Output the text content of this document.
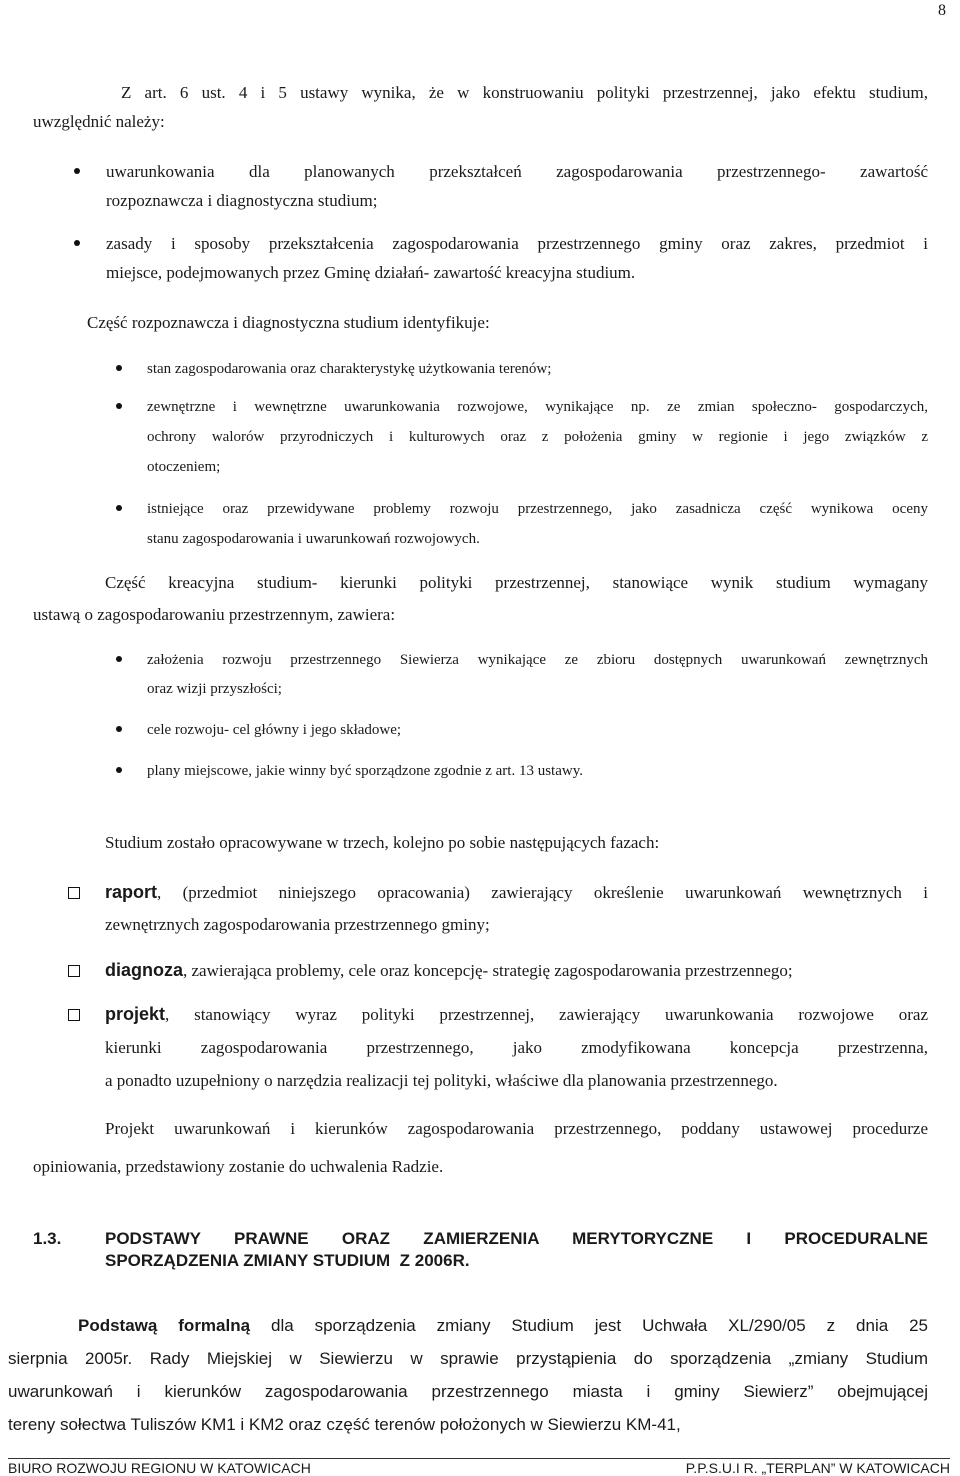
8
Z art. 6 ust. 4 i 5 ustawy wynika, że w konstruowaniu polityki przestrzennej, jako efektu studium,
uwzględnić należy:
uwarunkowania dla planowanych przekształceń zagospodarowania przestrzennego- zawartość
rozpoznawcza i diagnostyczna studium;
zasady i sposoby przekształcenia zagospodarowania przestrzennego gminy oraz zakres, przedmiot i
miejsce, podejmowanych przez Gminę działań- zawartość kreacyjna studium.
Część rozpoznawcza i diagnostyczna studium identyfikuje:
stan zagospodarowania oraz charakterystykę użytkowania terenów;
zewnętrzne i wewnętrzne uwarunkowania rozwojowe, wynikające np. ze zmian społeczno- gospodarczych,
ochrony walorów przyrodniczych i kulturowych oraz z położenia gminy w regionie i jego związków z
otoczeniem;
istniejące oraz przewidywane problemy rozwoju przestrzennego, jako zasadnicza część wynikowa oceny
stanu zagospodarowania i uwarunkowań rozwojowych.
Część kreacyjna studium- kierunki polityki przestrzennej, stanowiące wynik studium wymagany
ustawą o zagospodarowaniu przestrzennym, zawiera:
założenia rozwoju przestrzennego Siewierza wynikające ze zbioru dostępnych uwarunkowań zewnętrznych
oraz wizji przyszłości;
cele rozwoju- cel główny i jego składowe;
plany miejscowe, jakie winny być sporządzone zgodnie z art. 13 ustawy.
Studium zostało opracowywane w trzech, kolejno po sobie następujących fazach:
raport, (przedmiot niniejszego opracowania) zawierający określenie uwarunkowań wewnętrznych i
zewnętrznych zagospodarowania przestrzennego gminy;
diagnoza, zawierająca problemy, cele oraz koncepcję- strategię zagospodarowania przestrzennego;
projekt, stanowiący wyraz polityki przestrzennej, zawierający uwarunkowania rozwojowe oraz
kierunki zagospodarowania przestrzennego, jako zmodyfikowana koncepcja przestrzenna,
a ponadto uzupełniony o narzędzia realizacji tej polityki, właściwe dla planowania przestrzennego.
Projekt uwarunkowań i kierunków zagospodarowania przestrzennego, poddany ustawowej procedurze
opiniowania, przedstawiony zostanie do uchwalenia Radzie.
1.3.	PODSTAWY PRAWNE ORAZ ZAMIERZENIA MERYTORYCZNE I PROCEDURALNE
SPORZĄDZENIA ZMIANY STUDIUM  Z 2006R.
Podstawą formalną dla sporządzenia zmiany Studium jest Uchwała XL/290/05 z dnia 25
sierpnia 2005r. Rady Miejskiej w Siewierzu w sprawie przystąpienia do sporządzenia „zmiany Studium
uwarunkowań i kierunków zagospodarowania przestrzennego miasta i gminy Siewierz” obejmującej
tereny sołectwa Tuliszów KM1 i KM2 oraz część terenów położonych w Siewierzu KM-41,
BIURO ROZWOJU REGIONU W KATOWICACH	P.P.S.U.I R. „TERPLAN” W KATOWICACH
